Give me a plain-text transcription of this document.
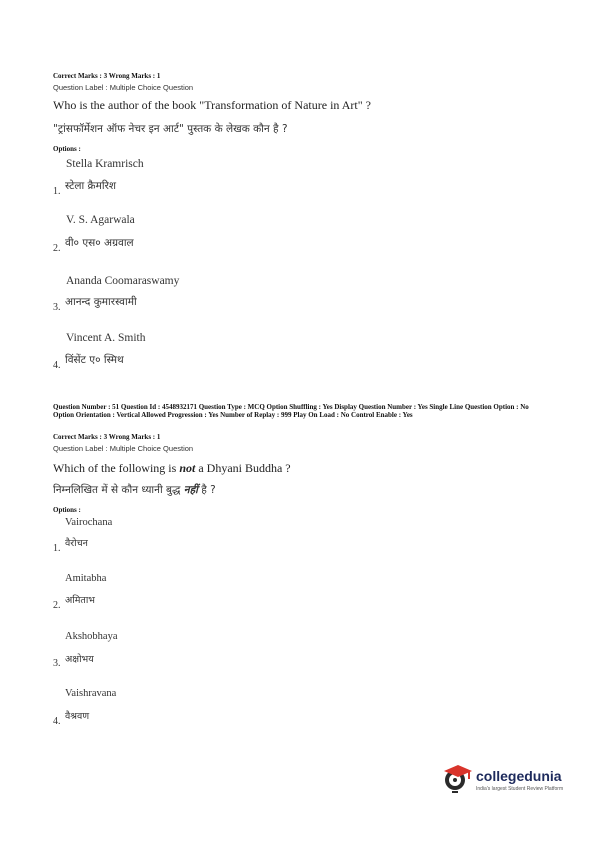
Correct Marks : 3 Wrong Marks : 1
Question Label : Multiple Choice Question
Who is the author of the book "Transformation of Nature in Art" ?
"ट्रांसफॉर्मेशन ऑफ नेचर इन आर्ट" पुस्तक के लेखक कौन है ?
Options :
Stella Kramrisch
1. स्टेला क्रैमरिश
V. S. Agarwala
2. वी० एस० अग्रवाल
Ananda Coomaraswamy
3. आनन्द कुमारस्वामी
Vincent A. Smith
4. विंसेंट ए० स्मिथ
Question Number : 51 Question Id : 4548932171 Question Type : MCQ Option Shuffling : Yes Display Question Number : Yes Single Line Question Option : No Option Orientation : Vertical Allowed Progression : Yes Number of Replay : 999 Play On Load : No Control Enable : Yes
Correct Marks : 3 Wrong Marks : 1
Question Label : Multiple Choice Question
Which of the following is not a Dhyani Buddha ?
निम्नलिखित में से कौन ध्यानी बुद्ध नहीं है ?
Options :
Vairochana
1. वैरोचन
Amitabha
2. अमिताभ
Akshobhaya
3. अक्षोभय
Vaishravana
4. वैश्रवण
collegedunia
India's largest Student Review Platform
